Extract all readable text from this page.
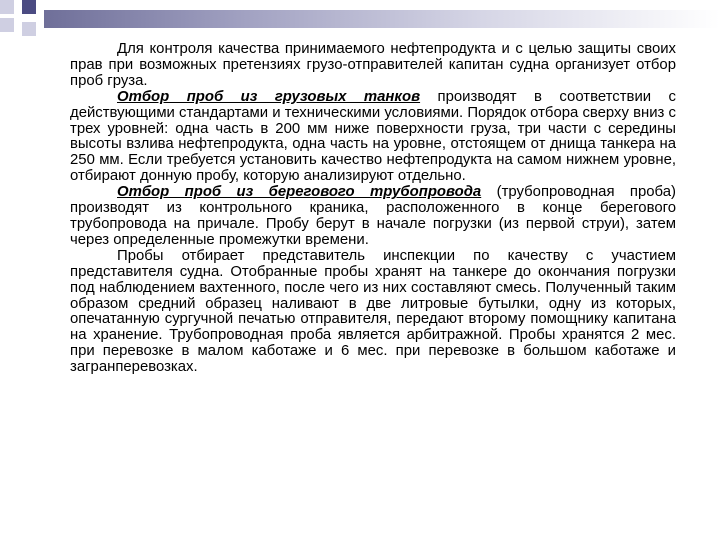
Для контроля качества принимаемого нефтепродукта и с целью защиты своих прав при возможных претензиях грузо-отправителей капитан судна организует отбор проб груза.

Отбор проб из грузовых танков производят в соответствии с действующими стандартами и техническими условиями. Порядок отбора сверху вниз с трех уровней: одна часть в 200 мм ниже поверхности груза, три части с середины высоты взлива нефтепродукта, одна часть на уровне, отстоящем от днища танкера на 250 мм. Если требуется установить качество нефтепродукта на самом нижнем уровне, отбирают донную пробу, которую анализируют отдельно.

Отбор проб из берегового трубопровода (трубопроводная проба) производят из контрольного краника, расположенного в конце берегового трубопровода на причале. Пробу берут в начале погрузки (из первой струи), затем через определенные промежутки времени.

Пробы отбирает представитель инспекции по качеству с участием представителя судна. Отобранные пробы хранят на танкере до окончания погрузки под наблюдением вахтенного, после чего из них составляют смесь. Полученный таким образом средний образец наливают в две литровые бутылки, одну из которых, опечатанную сургучной печатью отправителя, передают второму помощнику капитана на хранение. Трубопроводная проба является арбитражной. Пробы хранятся 2 мес. при перевозке в малом каботаже и 6 мес. при перевозке в большом каботаже и загранперевозках.
